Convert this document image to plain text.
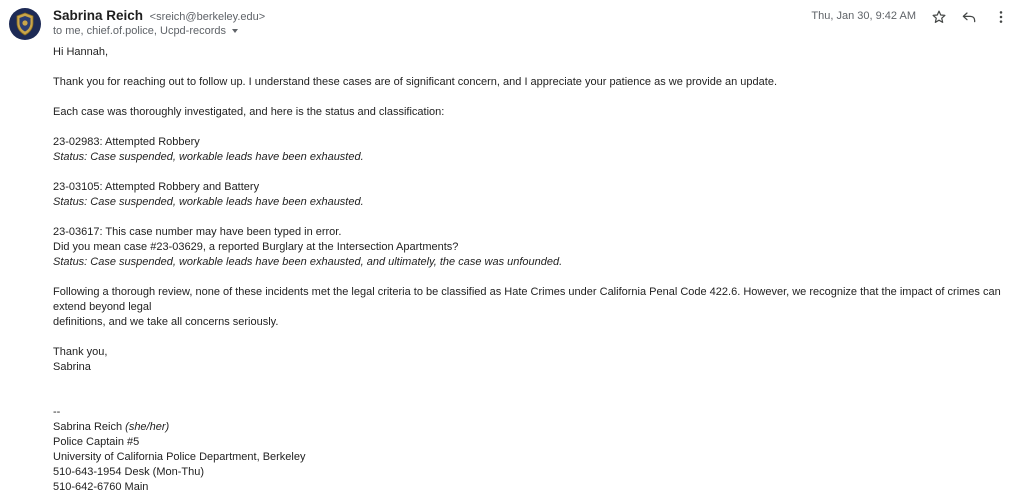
Sabrina Reich <sreich@berkeley.edu>
to me, chief.of.police, Ucpd-records
Thu, Jan 30, 9:42 AM

Hi Hannah,

Thank you for reaching out to follow up. I understand these cases are of significant concern, and I appreciate your patience as we provide an update.

Each case was thoroughly investigated, and here is the status and classification:

23-02983: Attempted Robbery

Status: Case suspended, workable leads have been exhausted.

23-03105: Attempted Robbery and Battery

Status: Case suspended, workable leads have been exhausted.

23-03617: This case number may have been typed in error.

Did you mean case #23-03629, a reported Burglary at the Intersection Apartments?

Status: Case suspended, workable leads have been exhausted, and ultimately, the case was unfounded.

Following a thorough review, none of these incidents met the legal criteria to be classified as Hate Crimes under California Penal Code 422.6. However, we recognize that the impact of crimes can extend beyond legal

definitions, and we take all concerns seriously.

Thank you,

Sabrina

--

Sabrina Reich (she/her)

Police Captain #5

University of California Police Department, Berkeley

510-643-1954 Desk (Mon-Thu)

510-642-6760 Main
